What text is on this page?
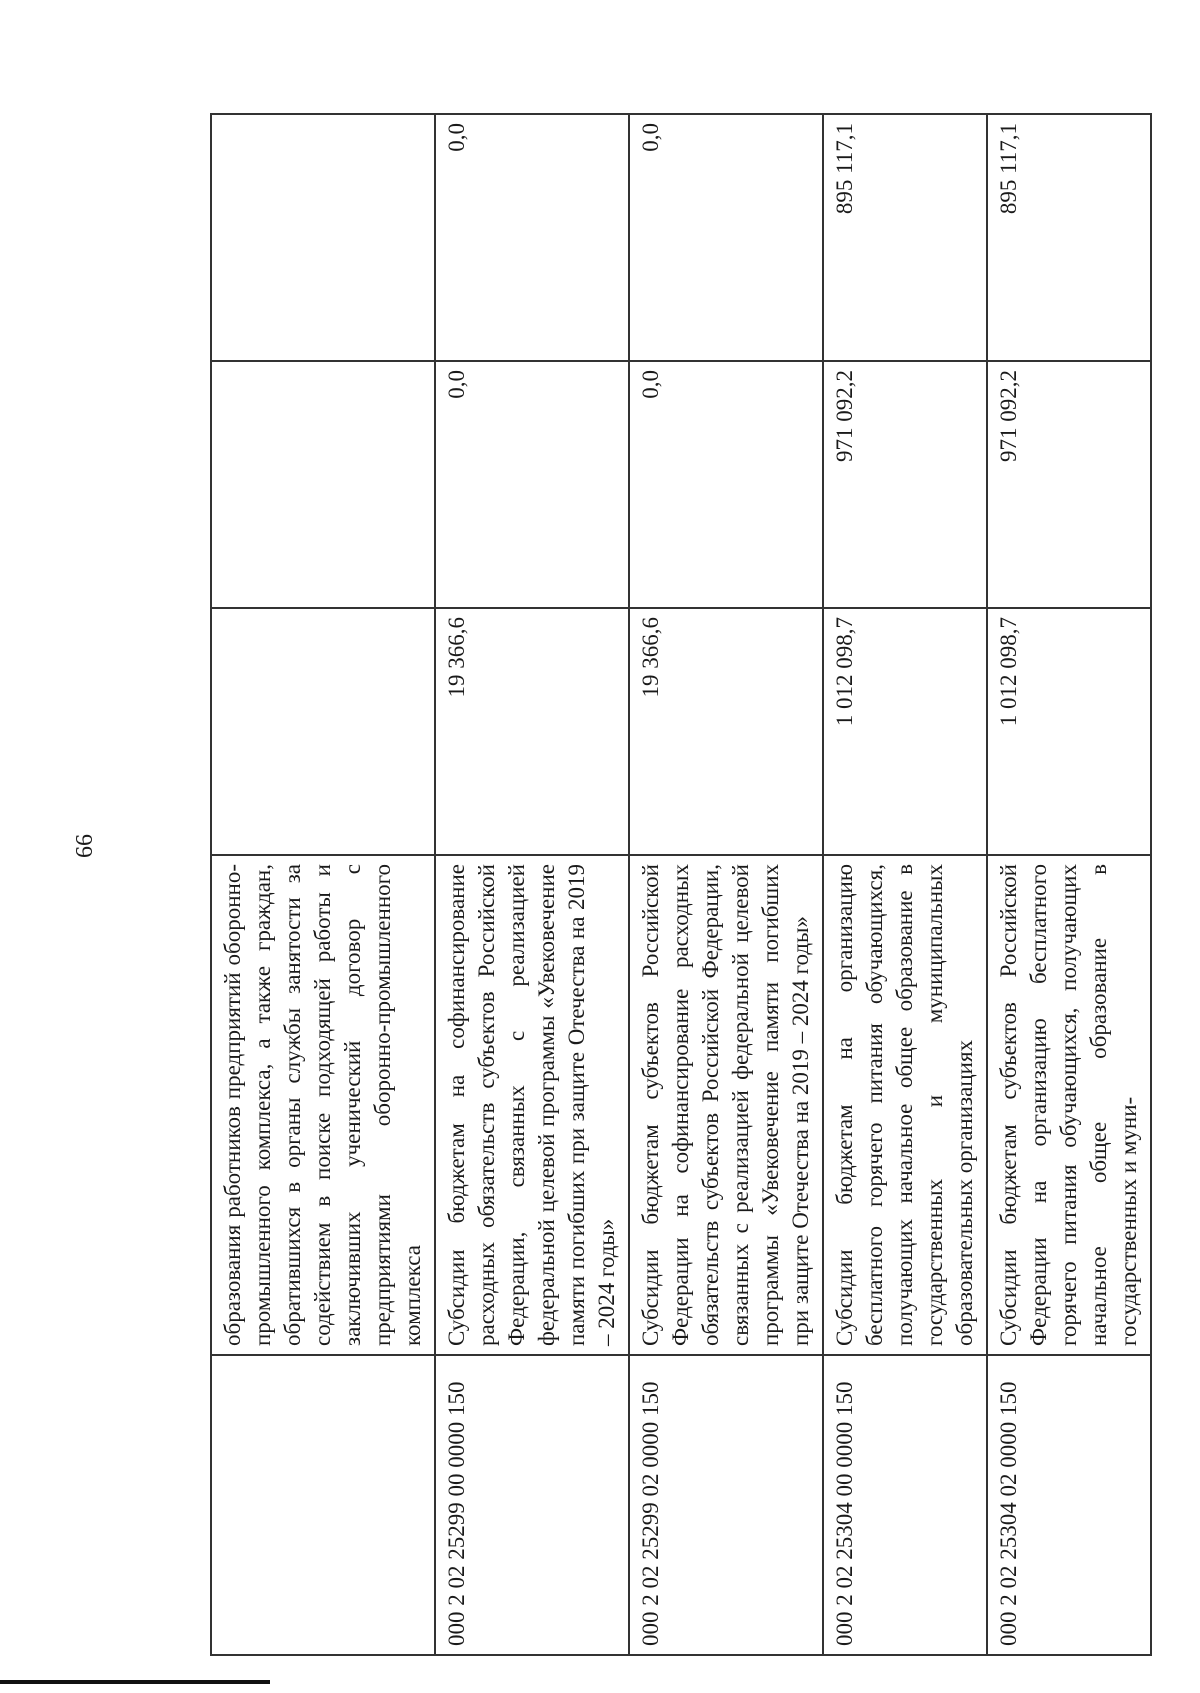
66
	образования работников предприятий оборонно-промышленного комплекса, а также граждан, обратившихся в органы службы занятости за содействием в поиске подходящей работы и заключивших ученический договор с предприятиями оборонно-промышленного комплекса			
000 2 02 25299 00 0000 150	Субсидии бюджетам на софинансирование расходных обязательств субъектов Российской Федерации, связанных с реализацией федеральной целевой программы «Увековечение памяти погибших при защите Отечества на 2019 – 2024 годы»	19 366,6	0,0	0,0
000 2 02 25299 02 0000 150	Субсидии бюджетам субъектов Российской Федерации на софинансирование расходных обязательств субъектов Российской Федерации, связанных с реализацией федеральной целевой программы «Увековечение памяти погибших при защите Отечества на 2019 – 2024 годы»	19 366,6	0,0	0,0
000 2 02 25304 00 0000 150	Субсидии бюджетам на организацию бесплатного горячего питания обучающихся, получающих начальное общее образование в государственных и муниципальных образовательных организациях	1 012 098,7	971 092,2	895 117,1
000 2 02 25304 02 0000 150	Субсидии бюджетам субъектов Российской Федерации на организацию бесплатного горячего питания обучающихся, получающих начальное общее образование в государственных и муни-	1 012 098,7	971 092,2	895 117,1
